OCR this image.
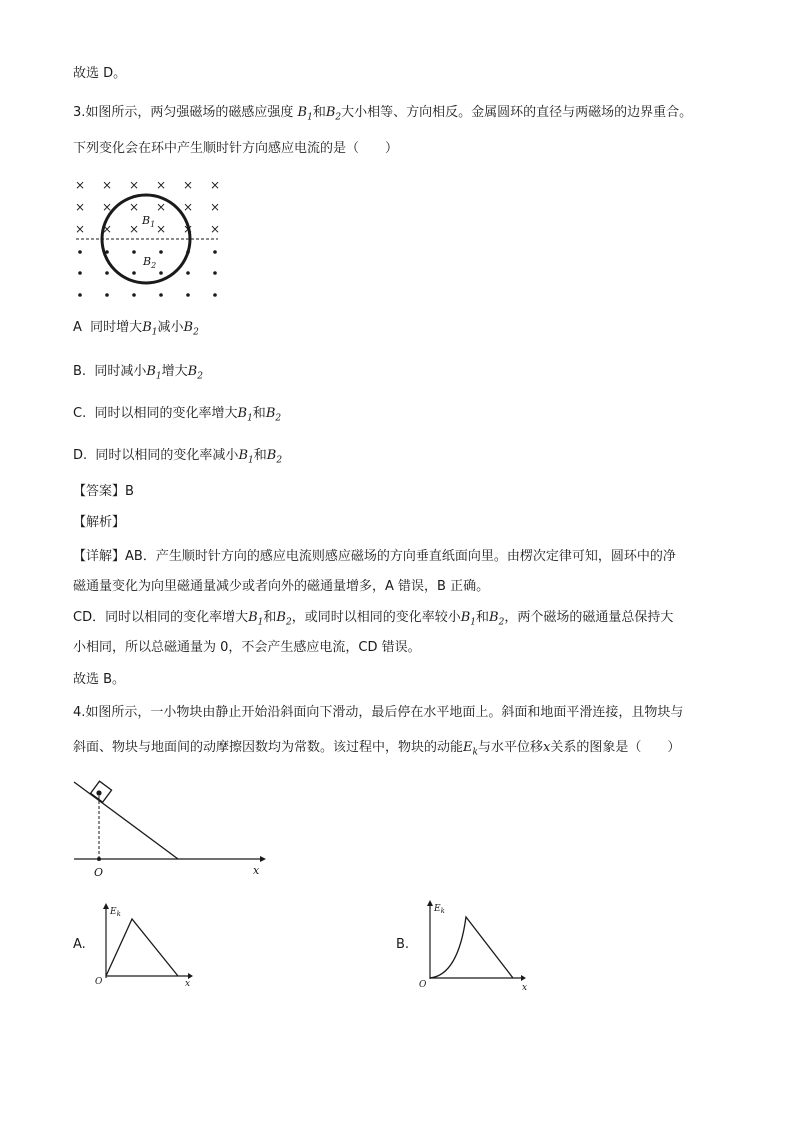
故选 D。
3.如图所示，两匀强磁场的磁感应强度 $B_1$和$B_2$大小相等、方向相反。金属圆环的直径与两磁场的边界重合。
下列变化会在环中产生顺时针方向感应电流的是（　　）
× × × × × ×
× × × × × ×
× × × × × ×
$B_1$
$B_2$
A 同时增大$B_1$减小$B_2$
B. 同时减小$B_1$增大$B_2$
C. 同时以相同的变化率增大$B_1$和$B_2$
D. 同时以相同的变化率减小$B_1$和$B_2$
【答案】B
【解析】
【详解】AB．产生顺时针方向的感应电流则感应磁场的方向垂直纸面向里。由楞次定律可知，圆环中的净
磁通量变化为向里磁通量减少或者向外的磁通量增多，A 错误，B 正确。
CD．同时以相同的变化率增大$B_1$和$B_2$，或同时以相同的变化率较小$B_1$和$B_2$，两个磁场的磁通量总保持大
小相同，所以总磁通量为 0，不会产生感应电流，CD 错误。
故选 B。
4.如图所示，一小物块由静止开始沿斜面向下滑动，最后停在水平地面上。斜面和地面平滑连接，且物块与
斜面、物块与地面间的动摩擦因数均为常数。该过程中，物块的动能$E_k$与水平位移x关系的图象是（　　）
O	x
A.
$E_k$
O	x
B.
$E_k$
O	x
